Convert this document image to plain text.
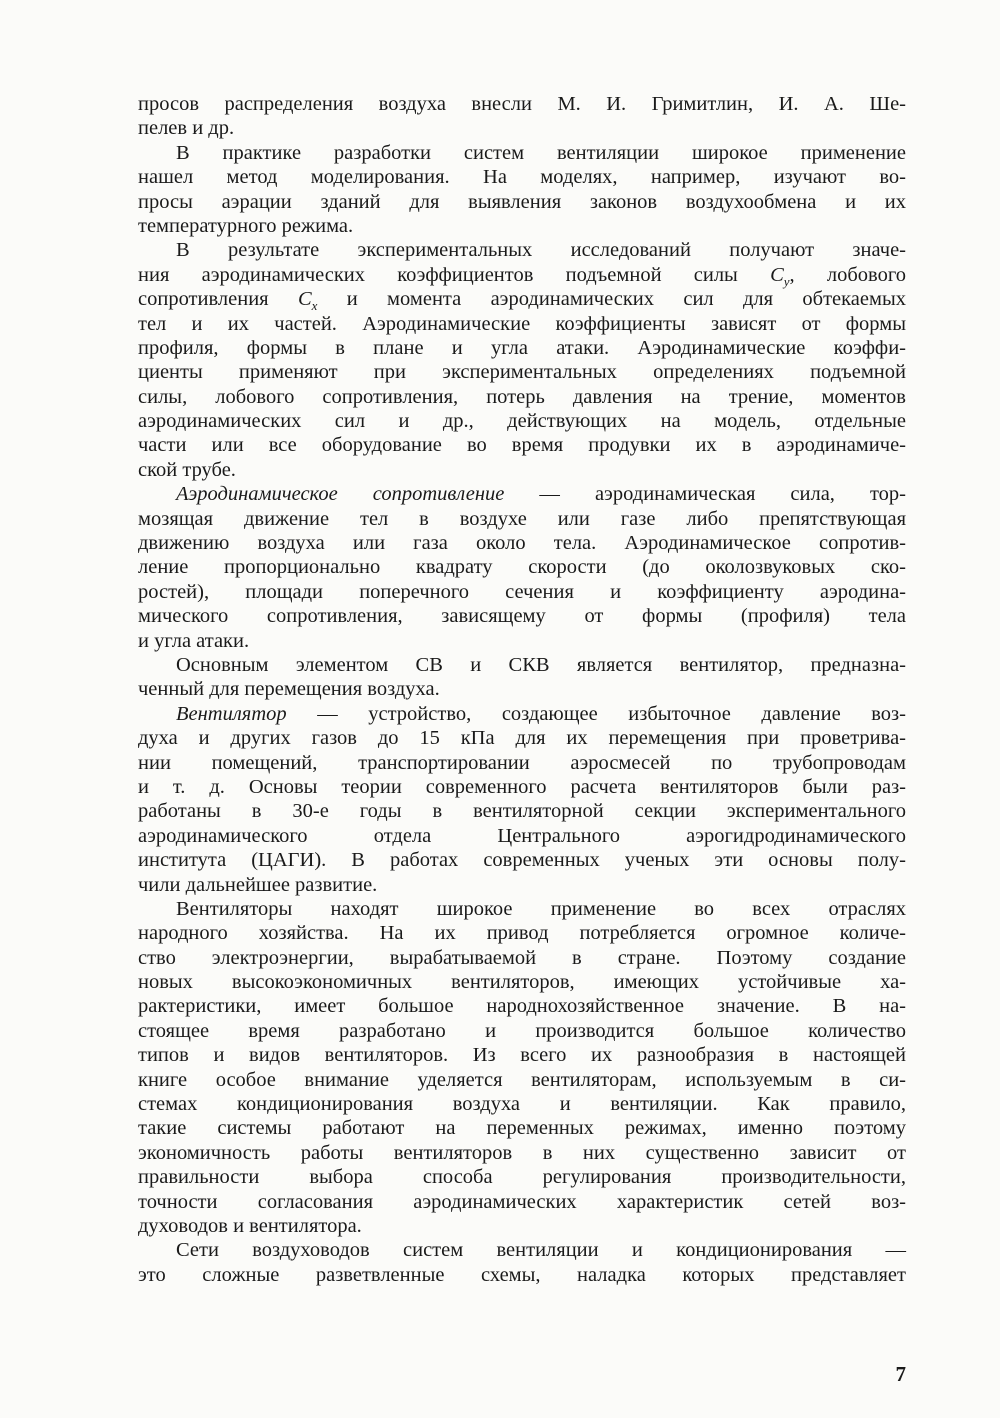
просов распределения воздуха внесли М. И. Гримитлин, И. А. Ше-
пелев и др.
В практике разработки систем вентиляции широкое применение
нашел метод моделирования. На моделях, например, изучают во-
просы аэрации зданий для выявления законов воздухообмена и их
температурного режима.
В результате экспериментальных исследований получают значе-
ния аэродинамических коэффициентов подъемной силы $C_y$, лобового
сопротивления $C_x$ и момента аэродинамических сил для обтекаемых
тел и их частей. Аэродинамические коэффициенты зависят от формы
профиля, формы в плане и угла атаки. Аэродинамические коэффи-
циенты применяют при экспериментальных определениях подъемной
силы, лобового сопротивления, потерь давления на трение, моментов
аэродинамических сил и др., действующих на модель, отдельные
части или все оборудование во время продувки их в аэродинамиче-
ской трубе.
Аэродинамическое сопротивление — аэродинамическая сила, тор-
мозящая движение тел в воздухе или газе либо препятствующая
движению воздуха или газа около тела. Аэродинамическое сопротив-
ление пропорционально квадрату скорости (до околозвуковых ско-
ростей), площади поперечного сечения и коэффициенту аэродина-
мического сопротивления, зависящему от формы (профиля) тела
и угла атаки.
Основным элементом СВ и СКВ является вентилятор, предназна-
ченный для перемещения воздуха.
Вентилятор — устройство, создающее избыточное давление воз-
духа и других газов до 15 кПа для их перемещения при проветрива-
нии помещений, транспортировании аэросмесей по трубопроводам
и т. д. Основы теории современного расчета вентиляторов были раз-
работаны в 30-е годы в вентиляторной секции экспериментального
аэродинамического отдела Центрального аэрогидродинамического
института (ЦАГИ). В работах современных ученых эти основы полу-
чили дальнейшее развитие.
Вентиляторы находят широкое применение во всех отраслях
народного хозяйства. На их привод потребляется огромное количе-
ство электроэнергии, вырабатываемой в стране. Поэтому создание
новых высокоэкономичных вентиляторов, имеющих устойчивые ха-
рактеристики, имеет большое народнохозяйственное значение. В на-
стоящее время разработано и производится большое количество
типов и видов вентиляторов. Из всего их разнообразия в настоящей
книге особое внимание уделяется вентиляторам, используемым в си-
стемах кондиционирования воздуха и вентиляции. Как правило,
такие системы работают на переменных режимах, именно поэтому
экономичность работы вентиляторов в них существенно зависит от
правильности выбора способа регулирования производительности,
точности согласования аэродинамических характеристик сетей воз-
духоводов и вентилятора.
Сети воздуховодов систем вентиляции и кондиционирования —
это сложные разветвленные схемы, наладка которых представляет
7
